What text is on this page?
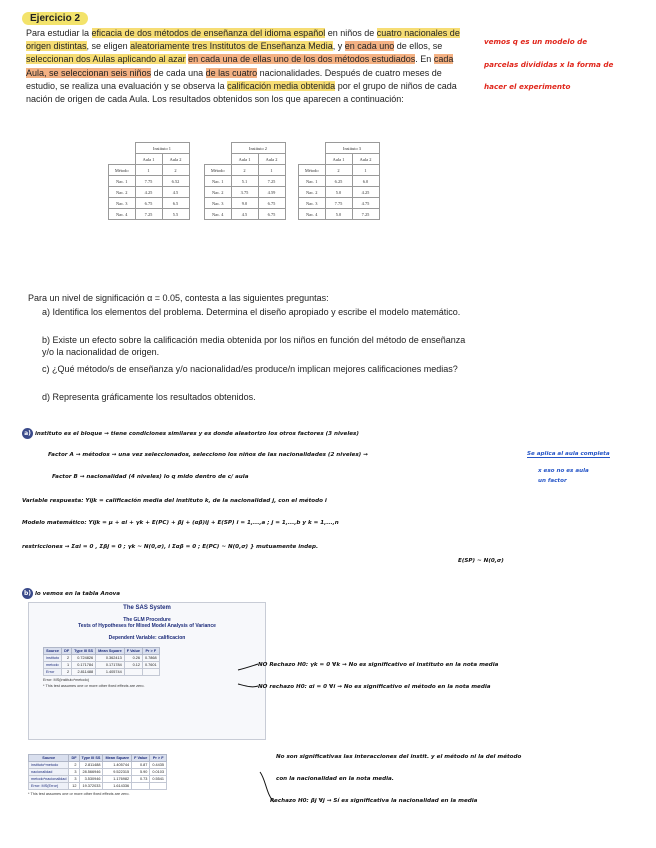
Ejercicio 2
Para estudiar la eficacia de dos métodos de enseñanza del idioma español en niños de cuatro nacionales de origen distintas, se eligen aleatoriamente tres Institutos de Enseñanza Media, y en cada uno de ellos, se seleccionan dos Aulas aplicando al azar en cada una de ellas uno de los dos métodos estudiados. En cada Aula, se seleccionan seis niños de cada una de las cuatro nacionalidades. Después de cuatro meses de estudio, se realiza una evaluación y se observa la calificación media obtenida por el grupo de niños de cada nación de origen de cada Aula. Los resultados obtenidos son los que aparecen a continuación:
vemos q es un modelo de
parcelas divididas x la forma de
hacer el experimento
	Instituto 1	
	Aula 1	Aula 2
Método	1	2
Nac. 1	7.75	6.52
Nac. 2	4.25	4.5
Nac. 3	6.75	6.5
Nac. 4	7.25	5.5
	Instituto 2	
	Aula 1	Aula 2
Método	2	1
Nac. 1	5.1	7.25
Nac. 2	3.75	4.59
Nac. 3	9.0	6.75
Nac. 4	4.5	6.75
	Instituto 3	
	Aula 1	Aula 2
Método	2	1
Nac. 1	6.25	6.0
Nac. 2	5.0	4.25
Nac. 3	7.75	4.75
Nac. 4	5.0	7.25
Para un nivel de significación α = 0.05, contesta a las siguientes preguntas:
a) Identifica los elementos del problema. Determina el diseño apropiado y escribe el modelo matemático.
b) Existe un efecto sobre la calificación media obtenida por los niños en función del método de enseñanza y/o la nacionalidad de origen.
c) ¿Qué método/s de enseñanza y/o nacionalidad/es produce/n implican mejores calificaciones medias?
d) Representa gráficamente los resultados obtenidos.
a) instituto es el bloque → tiene condiciones similares y es donde aleatorizo los otros factores (3 niveles)
Factor A → métodos → una vez seleccionados, selecciono los niños de las nacionalidades (2 niveles) →	Se aplica al aula completa
x eso no es aula
un factor
Factor B → nacionalidad (4 niveles) lo q mido dentro de c/ aula
Variable respuesta: Yijk = calificación media del instituto k, de la nacionalidad j, con el método i
Modelo matemático: Yijk = μ + αi + γk + E(PC) + βj + (αβ)ij + E(SP) i = 1,...,a ; j = 1,...,b y k = 1,...,n
restricciones → Σαi = 0 , Σβj = 0 ; γk ~ N(0,σ), i Σαβ = 0 ; E(PC) ~ N(0,σ) } mutuamente indep.
E(SP) ~ N(0,σ)
b) lo vemos en la tabla Anova
The SAS System
The GLM Procedure
Tests of Hypotheses for Mixed Model Analysis of Variance
Dependent Variable: calificacion
Source	DF	Type III SS	Mean Square	F Value	Pr > F
instituto	2	0.724826	0.362413	0.26	0.7868
metodo	1	0.171784	0.171784	0.12	0.7601
Error	2	2.811488	1.405744		
Error: MS(instituto*metodo)
* This test assumes one or more other fixed effects are zero.
Source	DF	Type III SS	Mean Square	F Value	Pr > F
instituto*metodo	2	2.811488	1.405744	0.87	0.4435
nacionalidad	3	28.566946	9.522315	5.90	0.0103
metodo*nacionalidad	3	3.530946	1.176982	0.73	0.5541
Error: MS(Error)	12	19.372033	1.614336		
* This test assumes one or more other fixed effects are zero.
NO Rechazo H0: γk = 0 ∀k → No es significativo el instituto en la nota media
NO rechazo H0: αi = 0 ∀i → No es significativo el método en la nota media
No son significativas las interacciones del instit. y el método ni la del método
con la nacionalidad en la nota media.
Rechazo H0: βj ∀j → Sí es significativa la nacionalidad en la media
